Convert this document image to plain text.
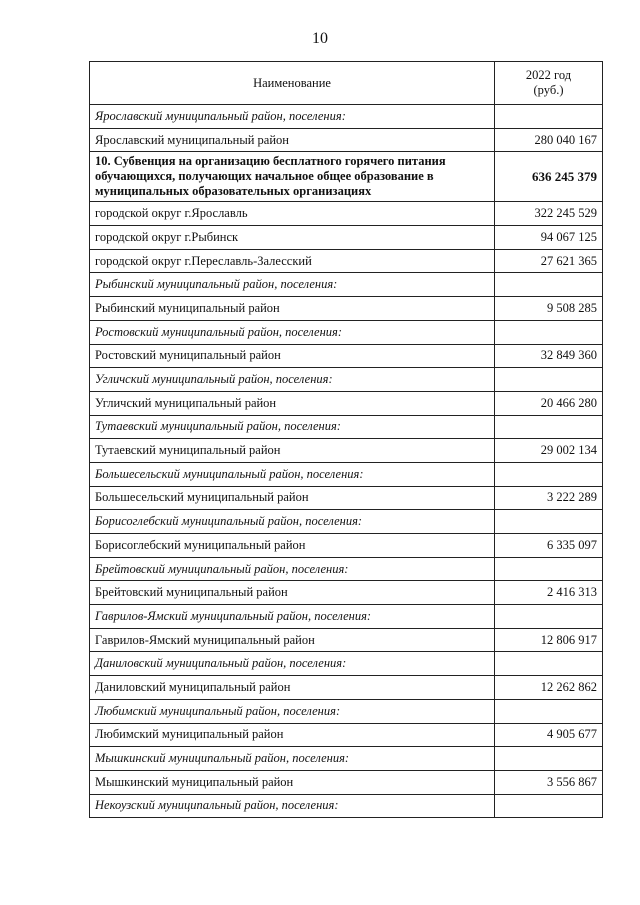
10
Наименование	2022 год
(руб.)
Ярославский муниципальный район, поселения:	
Ярославский муниципальный район	280 040 167
10. Субвенция на организацию бесплатного горячего питания обучающихся, получающих начальное общее образование в муниципальных образовательных организациях	636 245 379
городской округ г.Ярославль	322 245 529
городской округ г.Рыбинск	94 067 125
городской округ г.Переславль-Залесский	27 621 365
Рыбинский муниципальный район, поселения:	
Рыбинский муниципальный район	9 508 285
Ростовский муниципальный район, поселения:	
Ростовский муниципальный район	32 849 360
Угличский муниципальный район, поселения:	
Угличский муниципальный район	20 466 280
Тутаевский муниципальный район, поселения:	
Тутаевский муниципальный район	29 002 134
Большесельский муниципальный район, поселения:	
Большесельский муниципальный район	3 222 289
Борисоглебский муниципальный район, поселения:	
Борисоглебский муниципальный район	6 335 097
Брейтовский муниципальный район, поселения:	
Брейтовский муниципальный район	2 416 313
Гаврилов-Ямский муниципальный район, поселения:	
Гаврилов-Ямский муниципальный район	12 806 917
Даниловский муниципальный район, поселения:	
Даниловский муниципальный район	12 262 862
Любимский муниципальный район, поселения:	
Любимский муниципальный район	4 905 677
Мышкинский муниципальный район, поселения:	
Мышкинский муниципальный район	3 556 867
Некоузский муниципальный район, поселения:	
